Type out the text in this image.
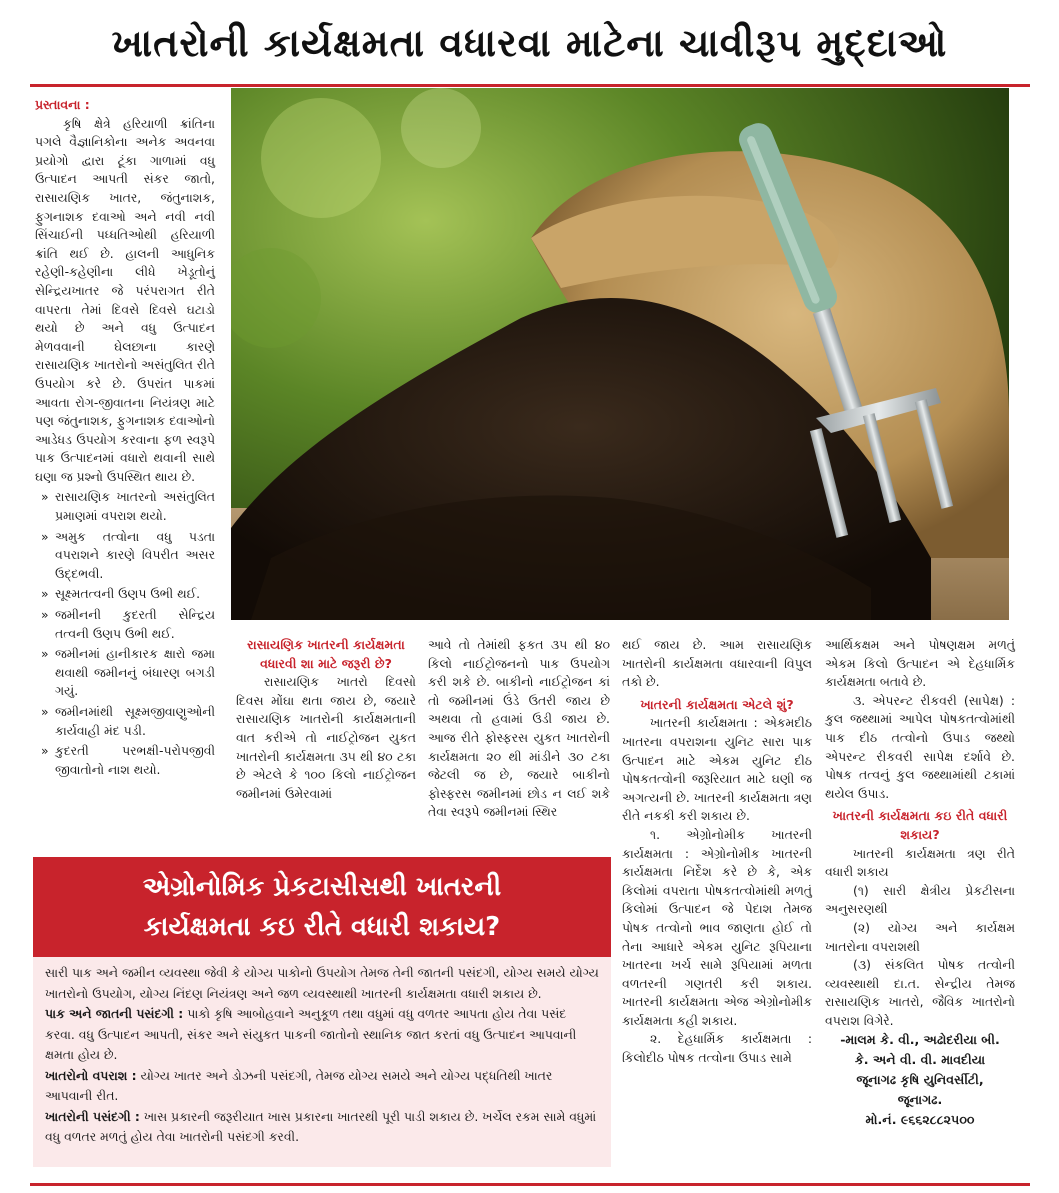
ખાતરોની કાર્યક્ષમતા વધારવા માટેના ચાવીરૂપ મુદ્દાઓ
પ્રસ્તાવના :

કૃષિ ક્ષેત્રે હરિયાળી ક્રાંતિના પગલે વૈજ્ઞાનિકોના અનેક અવનવા પ્રયોગો દ્વારા ટૂંકા ગાળામાં વધુ ઉત્પાદન આપતી સંકર જાતો, રાસાયણિક ખાતર, જંતુનાશક, ફુગનાશક દવાઓ અને નવી નવી સિંચાઈની પધ્ધતિઓથી હરિયાળી ક્રાંતિ થઈ છે. હાલની આધુનિક રહેણી-કહેણીના લીધે ખેડૂતોનું સેન્દ્રિયખાતર જે પરંપરાગત રીતે વાપરતા તેમાં દિવસે દિવસે ઘટાડો થયો છે અને વધુ ઉત્પાદન મેળવવાની ઘેલછાના કારણે રાસાયણિક ખાતરોનો અસંતુલિત રીતે ઉપયોગ કરે છે. ઉપરાંત પાકમાં આવતા રોગ-જીવાતના નિયંત્રણ માટે પણ જંતુનાશક, ફુગનાશક દવાઓનો આડેધડ ઉપયોગ કરવાના ફળ સ્વરૂપે પાક ઉત્પાદનમાં વધારો થવાની સાથે ઘણા જ પ્રશ્નો ઉપસ્થિત થાય છે.

» રાસાયણિક ખાતરનો અસંતુલિત પ્રમાણમાં વપરાશ થયો.
» અમુક તત્વોના વધુ પડતા વપરાશને કારણે વિપરીત અસર ઉદ્દભવી.
» સૂક્ષ્મતત્વની ઉણપ ઉભી થઈ.
» જમીનની કુદરતી સેન્દ્રિય તત્વની ઉણપ ઉભી થઈ.
» જમીનમાં હાનીકારક ક્ષારો જમા થવાથી જમીનનું બંધારણ બગડી ગયું.
» જમીનમાંથી સૂક્ષ્મજીવાણુઓની કાર્યવાહી મંદ પડી.
» કુદરતી પરભક્ષી-પરોપજીવી જીવાતોનો નાશ થયો.
રાસાયણિક ખાતરની કાર્યક્ષમતા વધારવી શા માટે જરૂરી છે?

રાસાયણિક ખાતરો દિવસો દિવસ મોંઘા થતા જાય છે, જયારે રાસાયણિક ખાતરોની કાર્યક્ષમતાની વાત કરીએ તો નાઈટ્રોજન યુકત ખાતરોની કાર્યક્ષમતા ૩૫ થી ૪૦ ટકા છે એટલે કે ૧૦૦ કિલો નાઈટ્રોજન જમીનમાં ઉમેરવામાં

આવે તો તેમાંથી ફકત ૩૫ થી ૪૦ કિલો નાઈટ્રોજનનો પાક ઉપયોગ કરી શકે છે. બાકીનો નાઈટ્રોજન કાં તો જમીનમાં ઉંડે ઉતરી જાય છે અથવા તો હવામાં ઉડી જાય છે. આજ રીતે ફોસ્ફરસ યુકત ખાતરોની કાર્યક્ષમતા ૨૦ થી માંડીને ૩૦ ટકા જેટલી જ છે, જયારે બાકીનો ફોસ્ફરસ જમીનમાં છોડ ન લઈ શકે તેવા સ્વરૂપે જમીનમાં સ્થિર

થઈ જાય છે. આમ રાસાયણિક ખાતરોની કાર્યક્ષમતા વધારવાની વિપુલ તકો છે.

ખાતરની કાર્યક્ષમતા એટલે શું?

ખાતરની કાર્યક્ષમતા : એકમદીઠ ખાતરના વપરાશના યુનિટ સારા પાક ઉત્પાદન માટે એકમ યુનિટ દીઠ પોષકતત્વોની જરૂરિયાત માટે ઘણી જ અગત્યની છે. ખાતરની કાર્યક્ષમતા ત્રણ રીતે નકકી કરી શકાય છે.

૧. એગ્રોનોમીક ખાતરની કાર્યક્ષમતા : એગ્રોનોમીક ખાતરની કાર્યક્ષમતા નિર્દેશ કરે છે કે, એક કિલોમાં વપરાતા પોષકતત્વોમાંથી મળતું કિલોમાં ઉત્પાદન જે પેદાશ તેમજ પોષક તત્વોનો ભાવ જાણતા હોઈ તો તેના આધારે એકમ યુનિટ રૂપિયાના ખાતરના ખર્ચ સામે રૂપિયામાં મળતા વળતરની ગણતરી કરી શકાય. ખાતરની કાર્યક્ષમતા એજ એગ્રોનોમીક કાર્યક્ષમતા કહી શકાય.

૨. દેહધાર્મિક કાર્યક્ષમતા : કિલોદીઠ પોષક તત્વોના ઉપાડ સામે

આર્થિકક્ષમ અને પોષણક્ષમ મળતું એકમ કિલો ઉત્પાદન એ દેહધાર્મિક કાર્યક્ષમતા બતાવે છે.

૩. એપરન્ટ રીકવરી (સાપેક્ષ) : કુલ જથ્થામાં આપેલ પોષકતત્વોમાંથી પાક દીઠ તત્વોનો ઉપાડ જથ્થો એપરન્ટ રીકવરી સાપેક્ષ દર્શાવે છે. પોષક તત્વનું કુલ જથ્થામાંથી ટકામાં થયેલ ઉપાડ.

ખાતરની કાર્યક્ષમતા કઇ રીતે વધારી શકાય?

ખાતરની કાર્યક્ષમતા ત્રણ રીતે વધારી શકાય

(૧) સારી ક્ષેત્રીય પ્રેકટીસના અનુસરણથી

(૨) યોગ્ય અને કાર્યક્ષમ ખાતરોના વપરાશથી

(૩) સંકલિત પોષક તત્વોની વ્યવસ્થાથી દા.ત. સેન્દ્રીય તેમજ રાસાયણિક ખાતરો, જૈવિક ખાતરોનો વપરાશ વિગેરે.

-માલમ કે. વી., અઢોદરીયા બી.
કે. અને વી. વી. માવદીયા
જૂનાગઢ કૃષિ યુનિવર્સીટી,
જૂનાગઢ.
મો.નં. ૯૬૬૨૮૮૨૫૦૦
એગ્રોનોમિક પ્રેકટાસીસથી ખાતરની
કાર્યક્ષમતા કઇ રીતે વધારી શકાય?
સારી પાક અને જમીન વ્યવસ્થા જેવી કે યોગ્ય પાકોનો ઉપયોગ તેમજ તેની જાતની પસંદગી, યોગ્ય સમયે યોગ્ય ખાતરોનો ઉપયોગ, યોગ્ય નિંદણ નિયંત્રણ અને જળ વ્યવસ્થાથી ખાતરની કાર્યક્ષમતા વધારી શકાય છે.
પાક અને જાતની પસંદગી : પાકો કૃષિ આબોહવાને અનુકૂળ તથા વધુમાં વધુ વળતર આપતા હોય તેવા પસંદ કરવા. વધુ ઉત્પાદન આપતી, સંકર અને સંયુકત પાકની જાતોનો સ્થાનિક જાત કરતાં વધુ ઉત્પાદન આપવાની ક્ષમતા હોય છે.
ખાતરોનો વપરાશ : યોગ્ય ખાતર અને ડોઝની પસંદગી, તેમજ યોગ્ય સમયે અને યોગ્ય પદ્ધતિથી ખાતર આપવાની રીત.
ખાતરોની પસંદગી : ખાસ પ્રકારની જરૂરીયાત ખાસ પ્રકારના ખાતરથી પૂરી પાડી શકાય છે. ખર્ચેલ રકમ સામે વધુમાં વધુ વળતર મળતું હોય તેવા ખાતરોની પસંદગી કરવી.
